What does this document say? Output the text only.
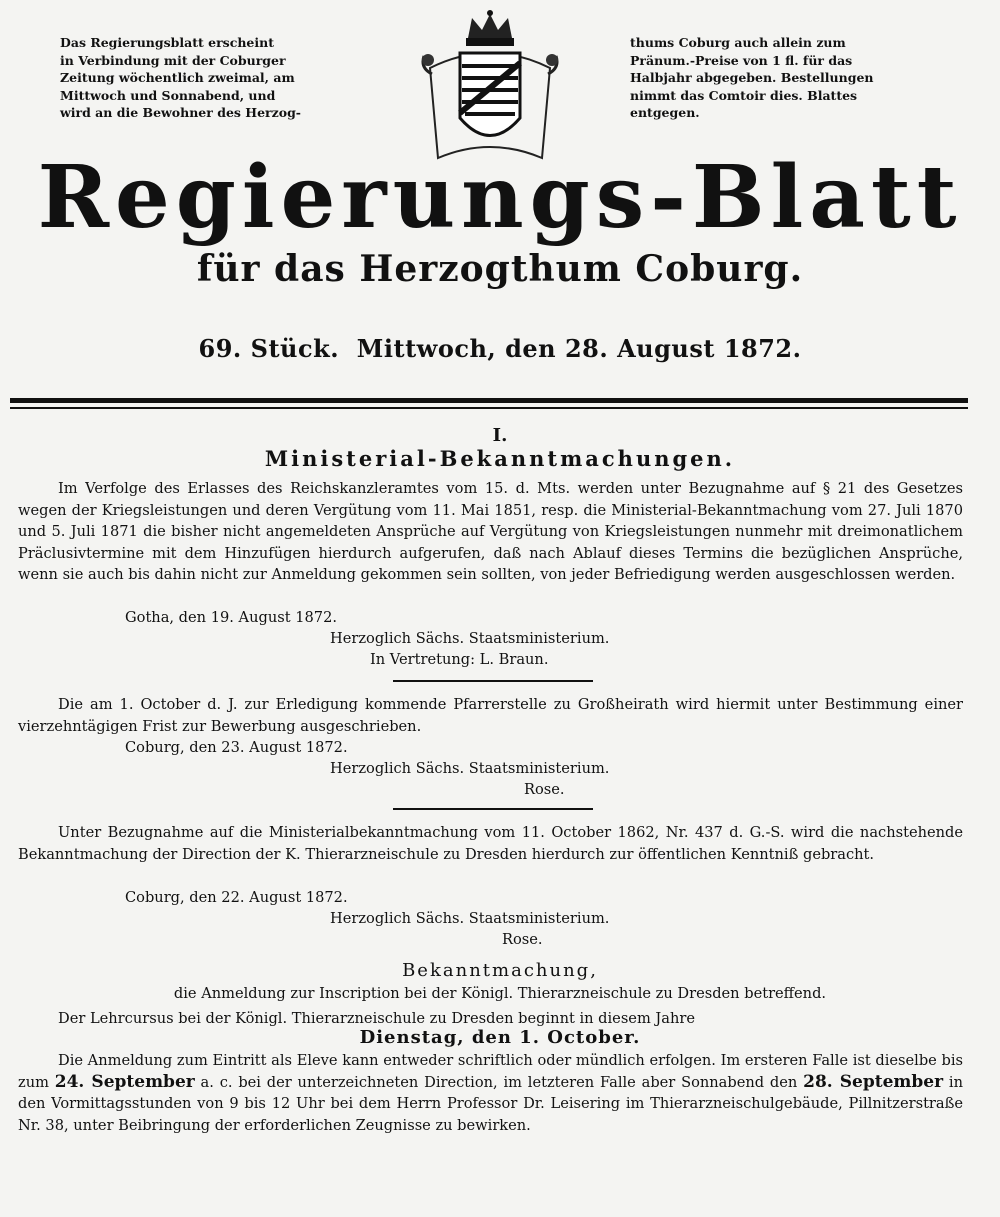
Das Regierungsblatt erscheint
in Verbindung mit der Coburger
Zeitung wöchentlich zweimal, am
Mittwoch und Sonnabend, und
wird an die Bewohner des Herzog-
thums Coburg auch allein zum
Pränum.-Preise von 1 fl. für das
Halbjahr abgegeben. Bestellungen
nimmt das Comtoir dies. Blattes
entgegen.
Regierungs-Blatt
für das Herzogthum Coburg.
69. Stück.  Mittwoch, den 28. August 1872.
I.
Ministerial-Bekanntmachungen.
Im Verfolge des Erlasses des Reichskanzleramtes vom 15. d. Mts. werden unter Bezugnahme auf § 21 des Gesetzes wegen der Kriegsleistungen und deren Vergütung vom 11. Mai 1851, resp. die Ministerial-Bekanntmachung vom 27. Juli 1870 und 5. Juli 1871 die bisher nicht angemeldeten Ansprüche auf Vergütung von Kriegsleistungen nunmehr mit dreimonatlichem Präclusivtermine mit dem Hinzufügen hierdurch aufgerufen, daß nach Ablauf dieses Termins die bezüglichen Ansprüche, wenn sie auch bis dahin nicht zur Anmeldung gekommen sein sollten, von jeder Befriedigung werden ausgeschlossen werden.
Gotha, den 19. August 1872.
Herzoglich Sächs. Staatsministerium.
In Vertretung: L. Braun.
Die am 1. October d. J. zur Erledigung kommende Pfarrerstelle zu Großheirath wird hiermit unter Bestimmung einer vierzehntägigen Frist zur Bewerbung ausgeschrieben.
Coburg, den 23. August 1872.
Herzoglich Sächs. Staatsministerium.
Rose.
Unter Bezugnahme auf die Ministerialbekanntmachung vom 11. October 1862, Nr. 437 d. G.-S. wird die nachstehende Bekanntmachung der Direction der K. Thierarzneischule zu Dresden hierdurch zur öffentlichen Kenntniß gebracht.
Coburg, den 22. August 1872.
Herzoglich Sächs. Staatsministerium.
Rose.
Bekanntmachung,
die Anmeldung zur Inscription bei der Königl. Thierarzneischule zu Dresden betreffend.
Der Lehrcursus bei der Königl. Thierarzneischule zu Dresden beginnt in diesem Jahre
Dienstag, den 1. October.
Die Anmeldung zum Eintritt als Eleve kann entweder schriftlich oder mündlich erfolgen. Im ersteren Falle ist dieselbe bis zum 24. September a. c. bei der unterzeichneten Direction, im letzteren Falle aber Sonnabend den 28. September in den Vormittagsstunden von 9 bis 12 Uhr bei dem Herrn Professor Dr. Leisering im Thierarzneischulgebäude, Pillnitzerstraße Nr. 38, unter Beibringung der erforderlichen Zeugnisse zu bewirken.
